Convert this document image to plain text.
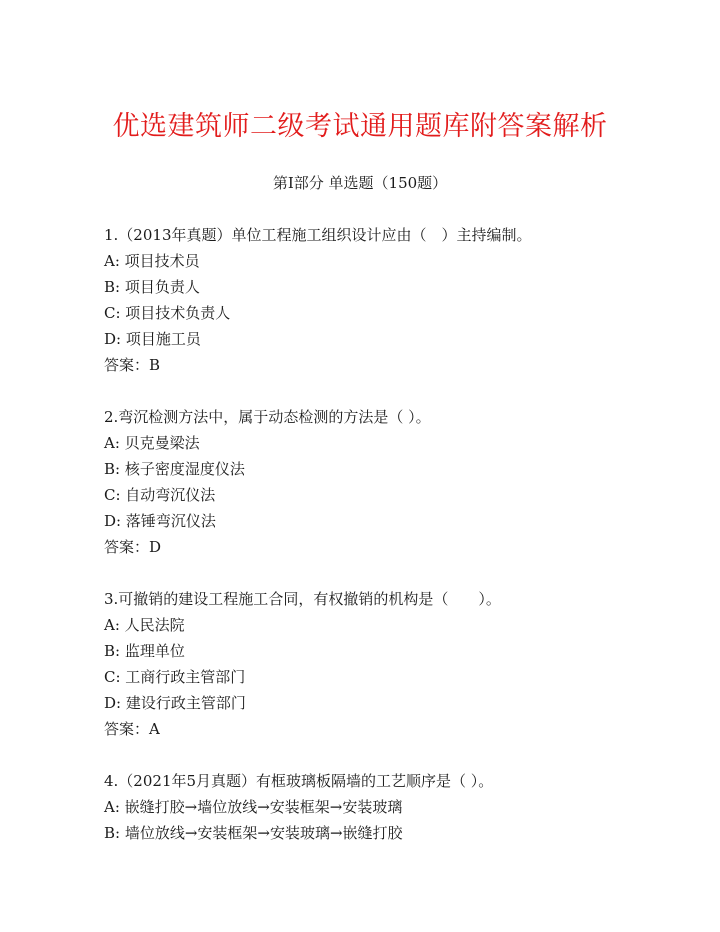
优选建筑师二级考试通用题库附答案解析
第Ⅰ部分 单选题（150题）
1.（2013年真题）单位工程施工组织设计应由（　）主持编制。
A: 项目技术员
B: 项目负责人
C: 项目技术负责人
D: 项目施工员
答案：B
2.弯沉检测方法中，属于动态检测的方法是（ ）。
A: 贝克曼梁法
B: 核子密度湿度仪法
C: 自动弯沉仪法
D: 落锤弯沉仪法
答案：D
3.可撤销的建设工程施工合同，有权撤销的机构是（　　）。
A: 人民法院
B: 监理单位
C: 工商行政主管部门
D: 建设行政主管部门
答案：A
4.（2021年5月真题）有框玻璃板隔墙的工艺顺序是（ ）。
A: 嵌缝打胶→墙位放线→安装框架→安装玻璃
B: 墙位放线→安装框架→安装玻璃→嵌缝打胶
